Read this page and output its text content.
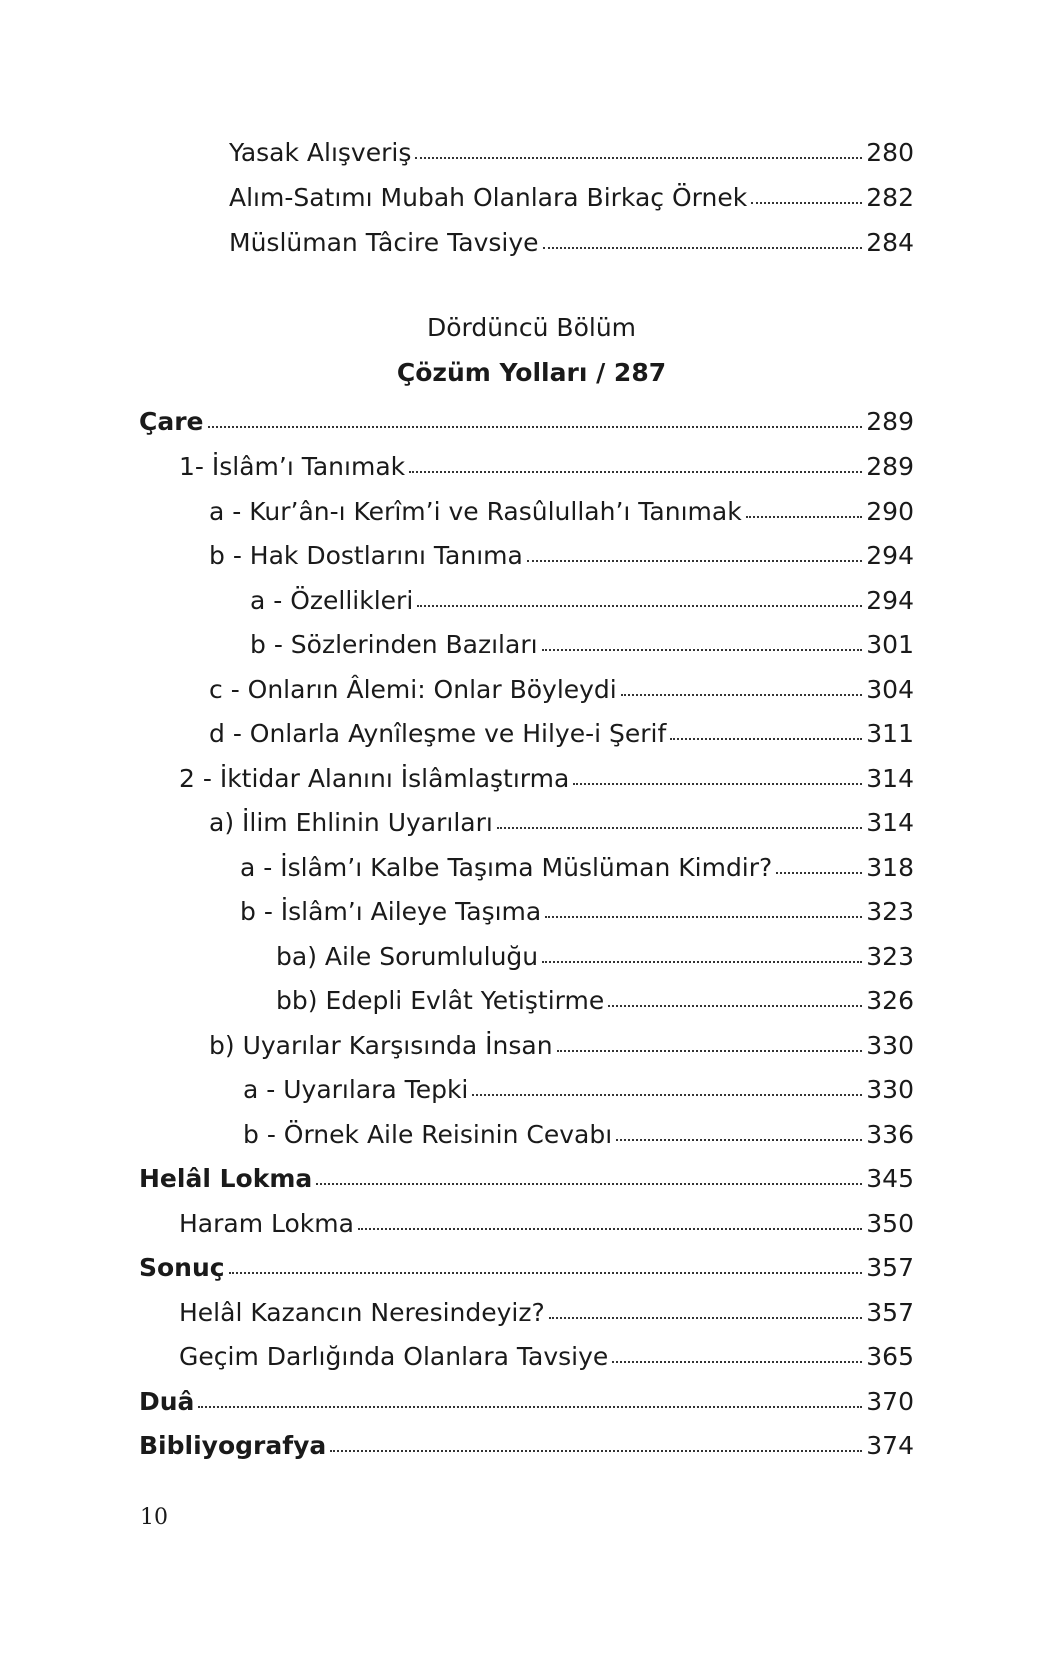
Yasak Alışveriş	280
Alım-Satımı Mubah Olanlara Birkaç Örnek	282
Müslüman Tâcire Tavsiye	284
Dördüncü Bölüm
Çözüm Yolları / 287
Çare	289
1- İslâm’ı Tanımak	289
a - Kur’ân-ı Kerîm’i ve Rasûlullah’ı Tanımak	290
b - Hak Dostlarını Tanıma	294
a - Özellikleri	294
b - Sözlerinden Bazıları	301
c - Onların Âlemi: Onlar Böyleydi	304
d - Onlarla Aynîleşme ve Hilye-i Şerif	311
2 - İktidar Alanını İslâmlaştırma	314
a) İlim Ehlinin Uyarıları	314
a - İslâm’ı Kalbe Taşıma Müslüman Kimdir?	318
b - İslâm’ı Aileye Taşıma	323
ba) Aile Sorumluluğu	323
bb) Edepli Evlât Yetiştirme	326
b) Uyarılar Karşısında İnsan	330
a - Uyarılara Tepki	330
b - Örnek Aile Reisinin Cevabı	336
Helâl Lokma	345
Haram Lokma	350
Sonuç	357
Helâl Kazancın Neresindeyiz?	357
Geçim Darlığında Olanlara Tavsiye	365
Duâ	370
Bibliyografya	374
10
